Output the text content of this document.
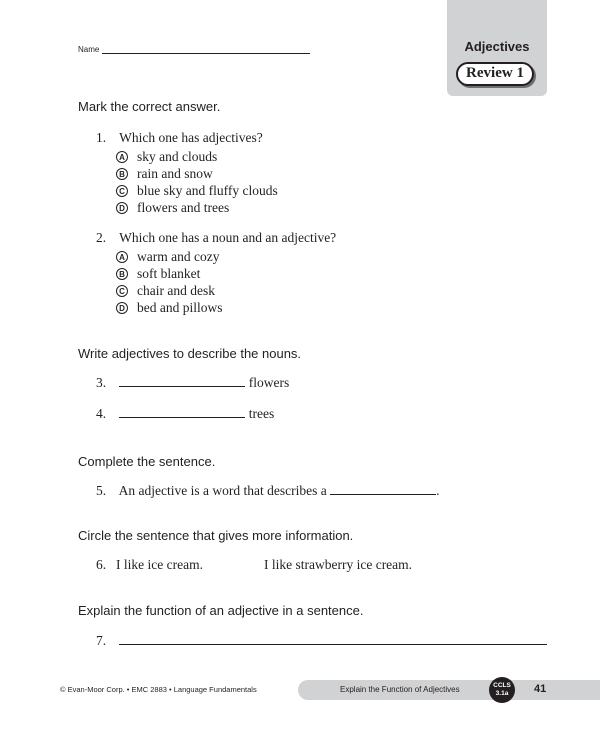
Name	Adjectives
Review 1
Mark the correct answer.
1. Which one has adjectives?
A sky and clouds
B rain and snow
C blue sky and fluffy clouds
D flowers and trees
2. Which one has a noun and an adjective?
A warm and cozy
B soft blanket
C chair and desk
D bed and pillows
Write adjectives to describe the nouns.
3.	flowers
4.	trees
Complete the sentence.
5. An adjective is a word that describes a	.
Circle the sentence that gives more information.
6. I like ice cream.	I like strawberry ice cream.
Explain the function of an adjective in a sentence.
7.
© Evan-Moor Corp. • EMC 2883 • Language Fundamentals	Explain the Function of Adjectives	CCLS
3.1a	41
